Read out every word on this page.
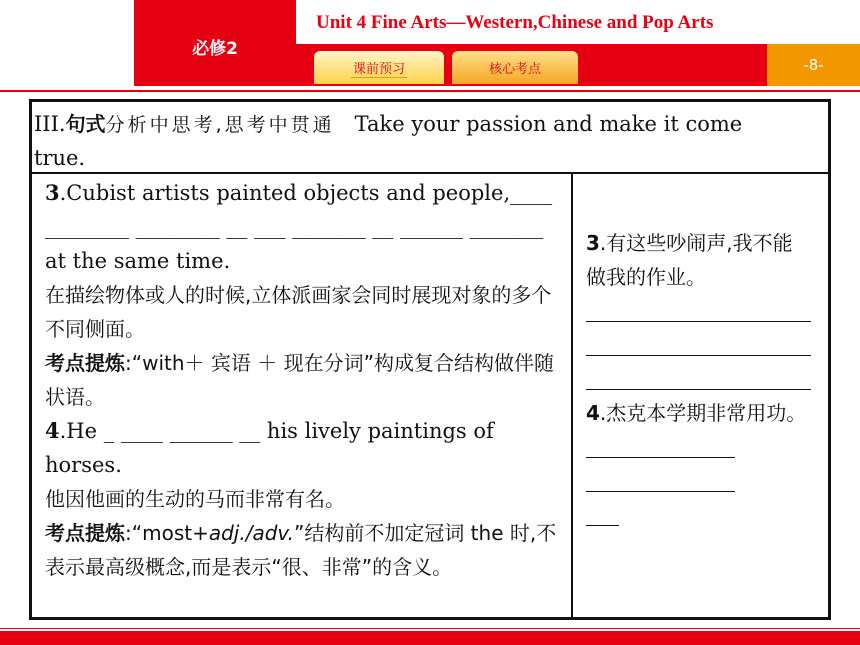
必修2
Unit 4 Fine Arts—Western,Chinese and Pop Arts
课前预习	核心考点	-8-
III.句式分析中思考,思考中贯通 Take your passion and make it come true.

3.Cubist artists painted objects and people,____ ________ ________ __ ___ _______ __ ______ _______ at the same time.

在描绘物体或人的时候,立体派画家会同时展现对象的多个不同侧面。

考点提炼:“with＋ 宾语 ＋ 现在分词”构成复合结构做伴随状语。

4.He _ ____ ______ __ his lively paintings of horses.

他因他画的生动的马而非常有名。

考点提炼:“most+adj./adv.”结构前不加定冠词 the 时,不表示最高级概念,而是表示“很、非常”的含义。

3.有这些吵闹声,我不能做我的作业。

4.杰克本学期非常用功。
